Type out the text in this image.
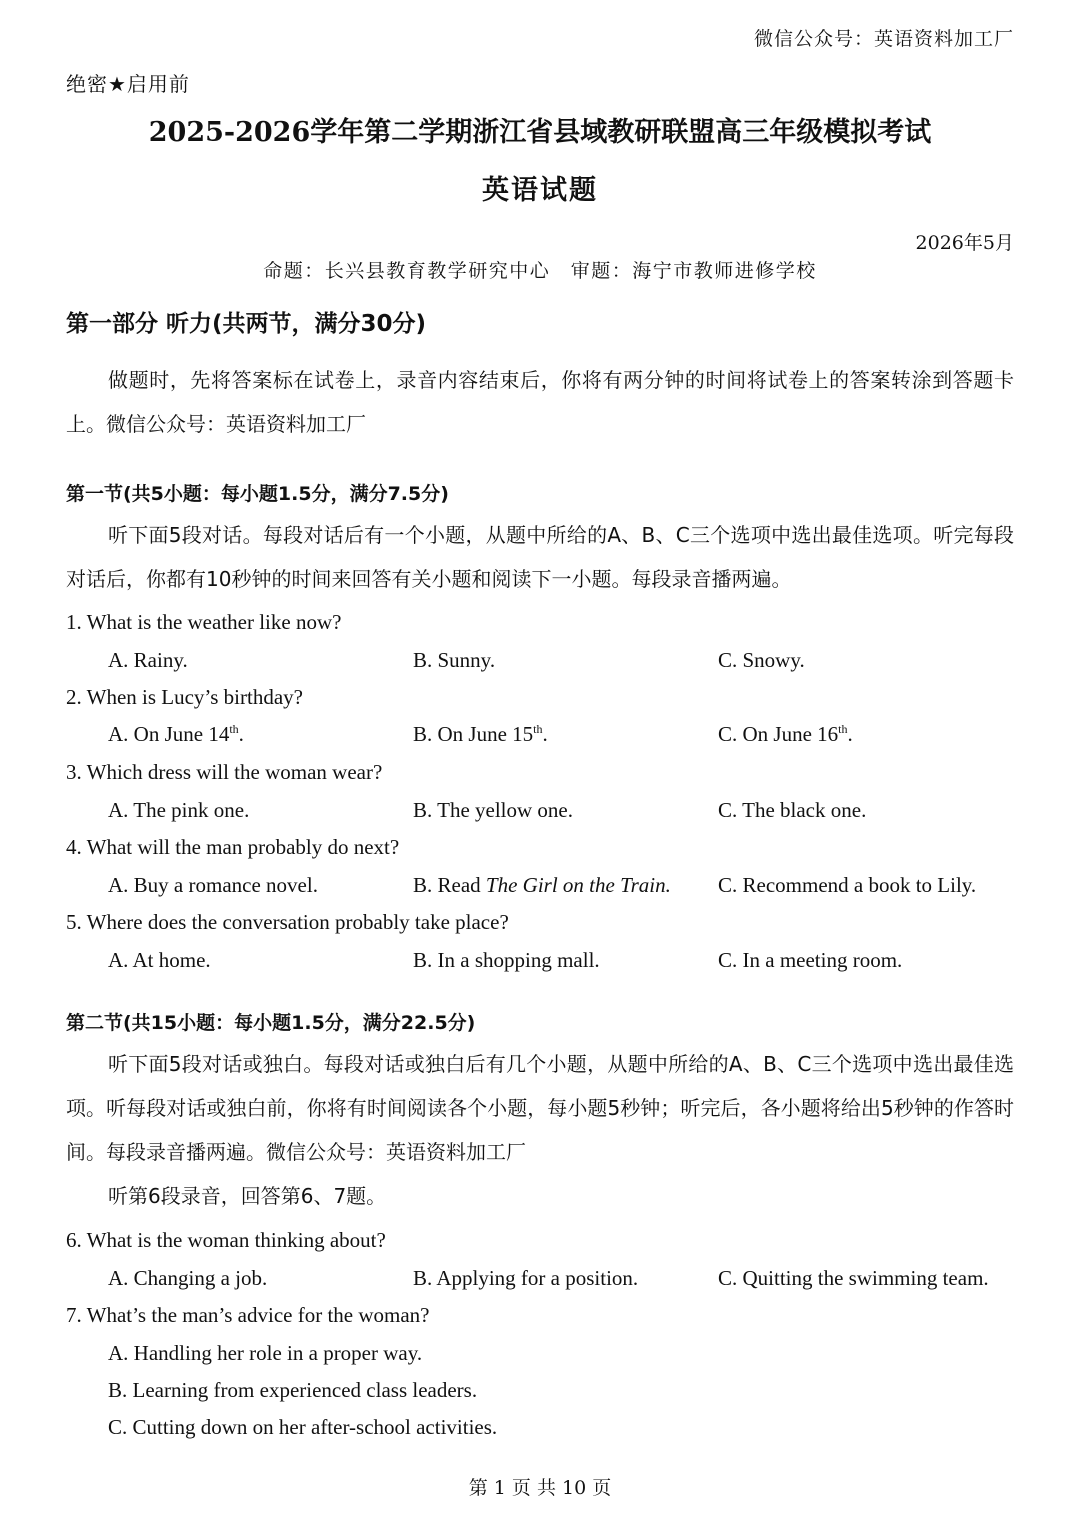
微信公众号：英语资料加工厂
绝密★启用前
2025-2026学年第二学期浙江省县域教研联盟高三年级模拟考试
英语试题
2026年5月
命题：长兴县教育教学研究中心　审题：海宁市教师进修学校
第一部分 听力(共两节，满分30分)
做题时，先将答案标在试卷上，录音内容结束后，你将有两分钟的时间将试卷上的答案转涂到答题卡上。微信公众号：英语资料加工厂
第一节(共5小题：每小题1.5分，满分7.5分)
听下面5段对话。每段对话后有一个小题，从题中所给的A、B、C三个选项中选出最佳选项。听完每段对话后，你都有10秒钟的时间来回答有关小题和阅读下一小题。每段录音播两遍。
1. What is the weather like now?
A. Rainy.	B. Sunny.	C. Snowy.
2. When is Lucy’s birthday?
A. On June 14th.	B. On June 15th.	C. On June 16th.
3. Which dress will the woman wear?
A. The pink one.	B. The yellow one.	C. The black one.
4. What will the man probably do next?
A. Buy a romance novel.	B. Read The Girl on the Train. C. Recommend a book to Lily.
5. Where does the conversation probably take place?
A. At home.	B. In a shopping mall.	C. In a meeting room.
第二节(共15小题：每小题1.5分，满分22.5分)
听下面5段对话或独白。每段对话或独白后有几个小题，从题中所给的A、B、C三个选项中选出最佳选项。听每段对话或独白前，你将有时间阅读各个小题，每小题5秒钟；听完后，各小题将给出5秒钟的作答时间。每段录音播两遍。微信公众号：英语资料加工厂
听第6段录音，回答第6、7题。
6. What is the woman thinking about?
A. Changing a job.	B. Applying for a position.	C. Quitting the swimming team.
7. What’s the man’s advice for the woman?
A. Handling her role in a proper way.
B. Learning from experienced class leaders.
C. Cutting down on her after-school activities.
第 1 页 共 10 页
